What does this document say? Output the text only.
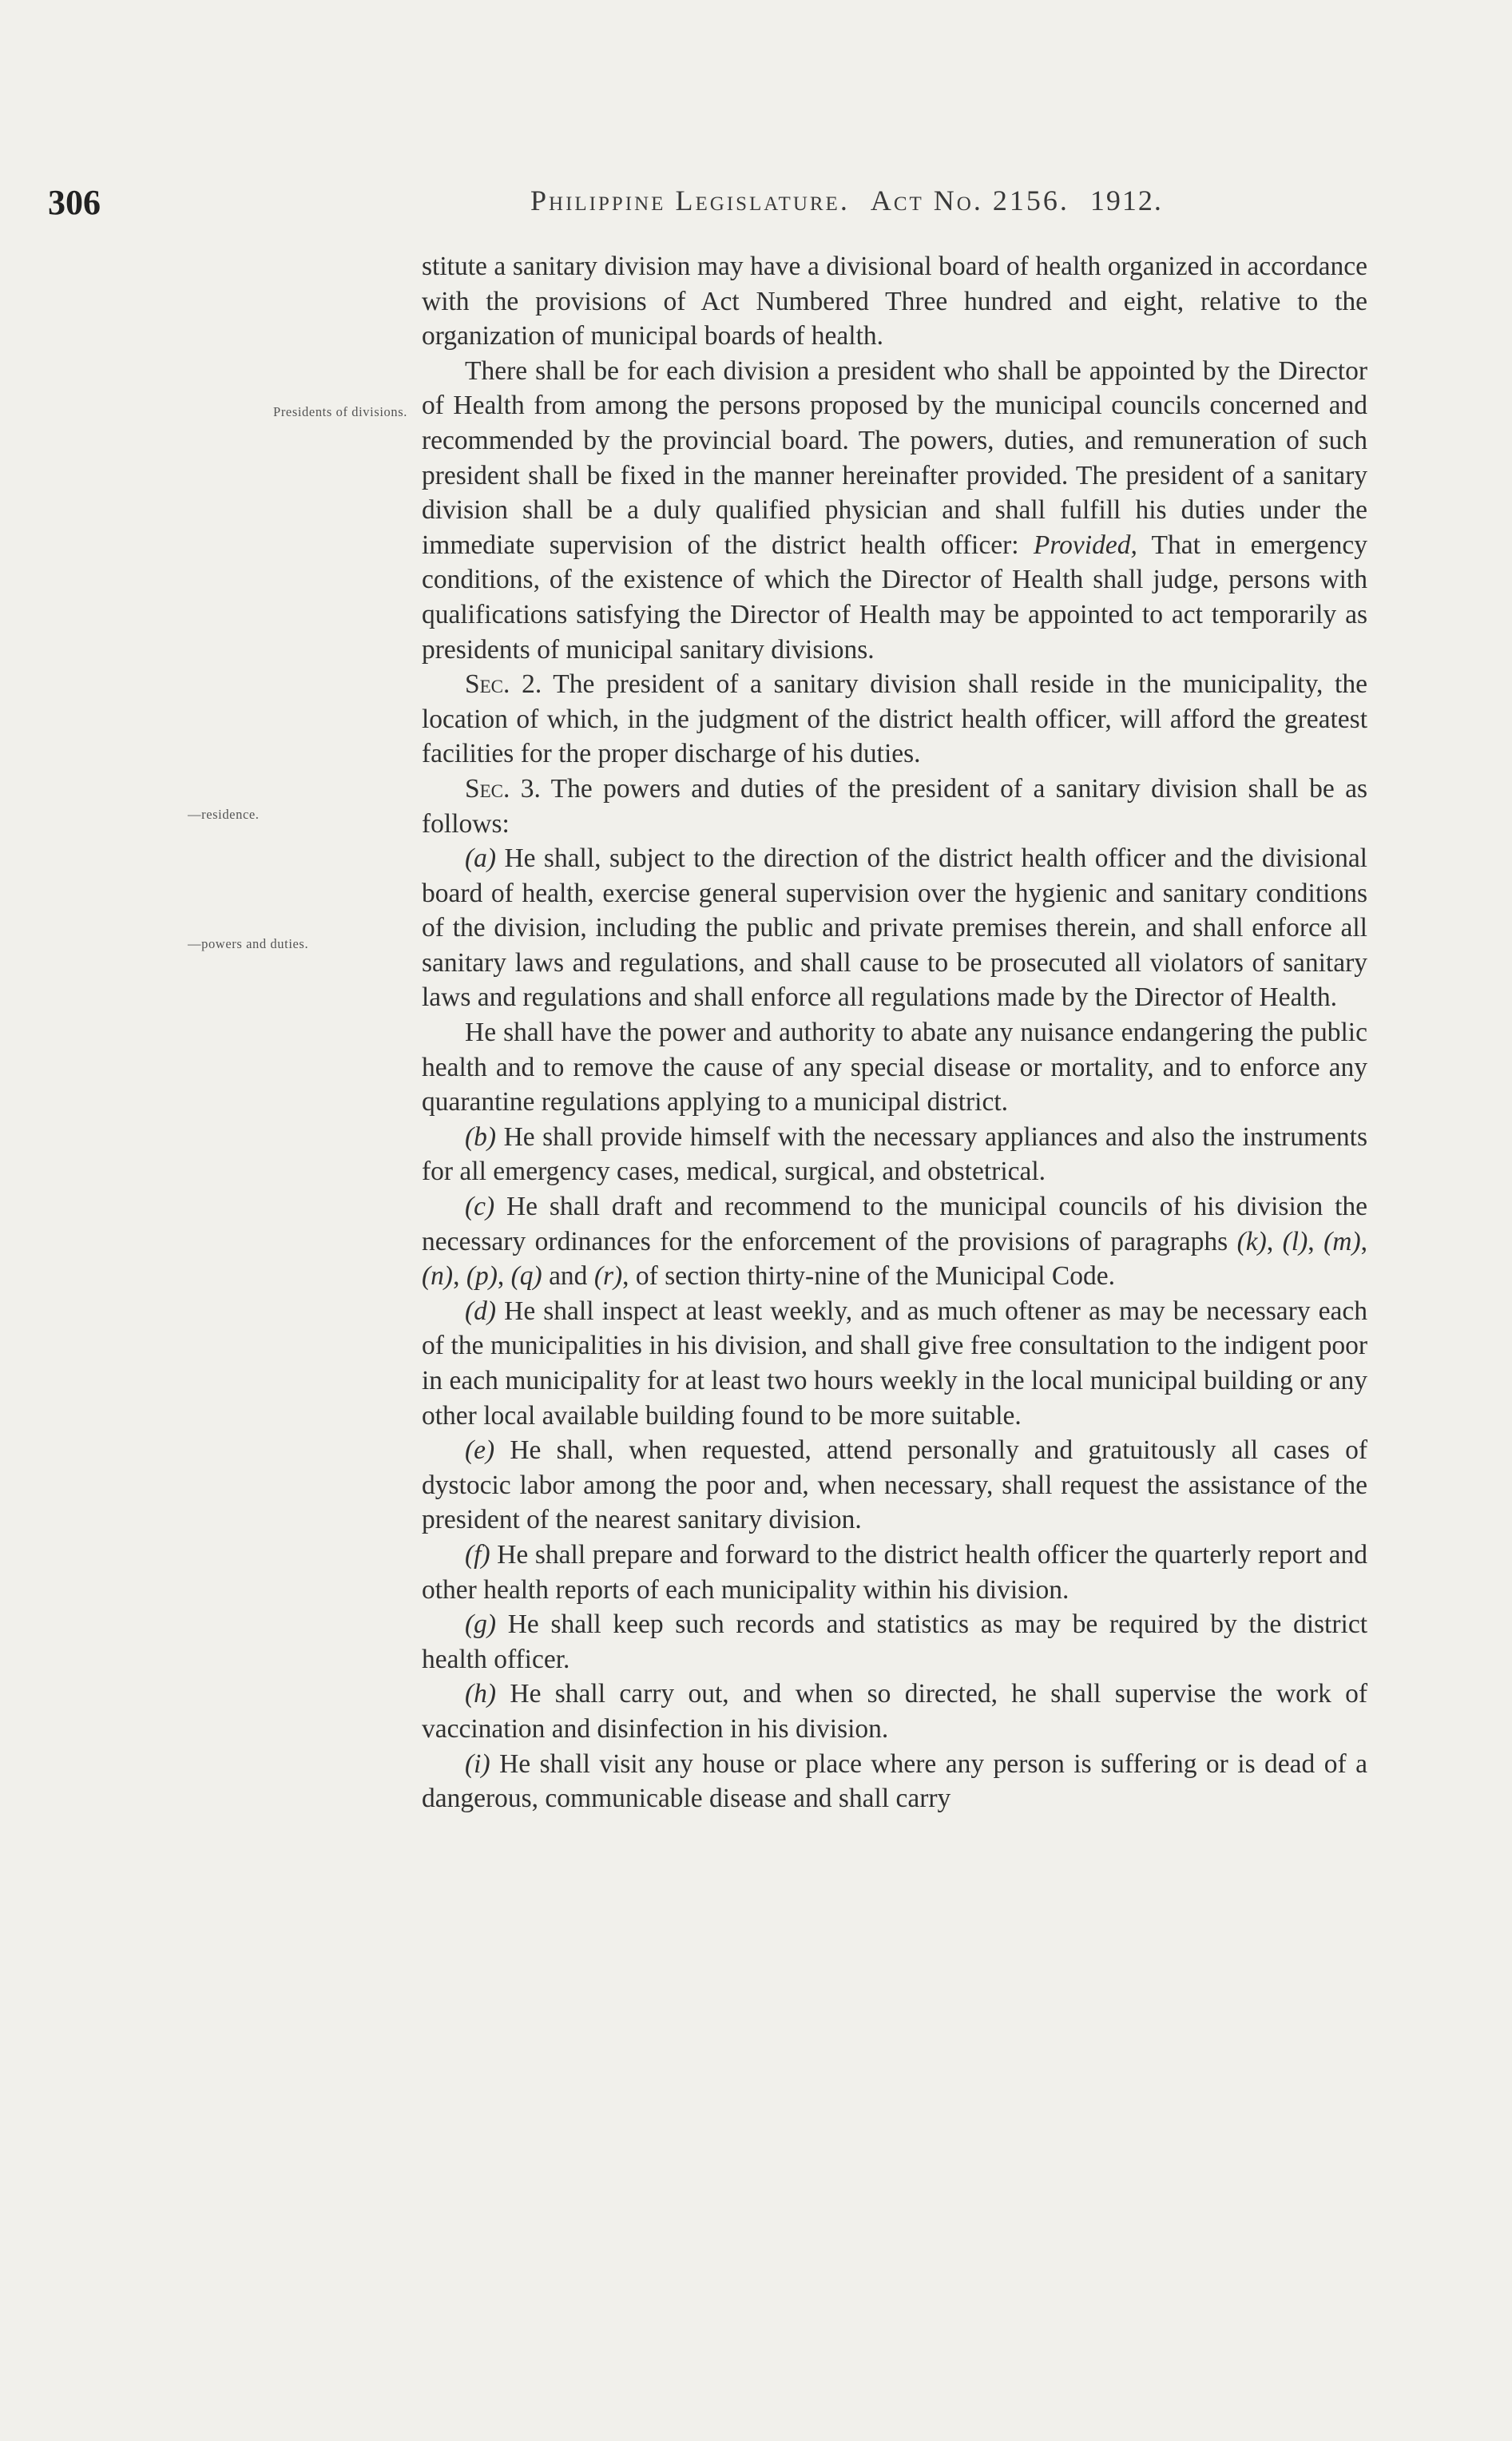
306	Philippine Legislature. Act No. 2156. 1912.
Presidents of divisions.
—residence.
—powers and duties.

stitute a sanitary division may have a divisional board of health organized in accordance with the provisions of Act Numbered Three hundred and eight, relative to the organization of municipal boards of health.

There shall be for each division a president who shall be appointed by the Director of Health from among the persons proposed by the municipal councils concerned and recommended by the provincial board. The powers, duties, and remuneration of such president shall be fixed in the manner hereinafter provided. The president of a sanitary division shall be a duly qualified physician and shall fulfill his duties under the immediate supervision of the district health officer: Provided, That in emergency conditions, of the existence of which the Director of Health shall judge, persons with qualifications satisfying the Director of Health may be appointed to act temporarily as presidents of municipal sanitary divisions.

Sec. 2. The president of a sanitary division shall reside in the municipality, the location of which, in the judgment of the district health officer, will afford the greatest facilities for the proper discharge of his duties.

Sec. 3. The powers and duties of the president of a sanitary division shall be as follows:

(a) He shall, subject to the direction of the district health officer and the divisional board of health, exercise general supervision over the hygienic and sanitary conditions of the division, including the public and private premises therein, and shall enforce all sanitary laws and regulations, and shall cause to be prosecuted all violators of sanitary laws and regulations and shall enforce all regulations made by the Director of Health.

He shall have the power and authority to abate any nuisance endangering the public health and to remove the cause of any special disease or mortality, and to enforce any quarantine regulations applying to a municipal district.

(b) He shall provide himself with the necessary appliances and also the instruments for all emergency cases, medical, surgical, and obstetrical.

(c) He shall draft and recommend to the municipal councils of his division the necessary ordinances for the enforcement of the provisions of paragraphs (k), (l), (m), (n), (p), (q) and (r), of section thirty-nine of the Municipal Code.

(d) He shall inspect at least weekly, and as much oftener as may be necessary each of the municipalities in his division, and shall give free consultation to the indigent poor in each municipality for at least two hours weekly in the local municipal building or any other local available building found to be more suitable.

(e) He shall, when requested, attend personally and gratuitously all cases of dystocic labor among the poor and, when necessary, shall request the assistance of the president of the nearest sanitary division.

(f) He shall prepare and forward to the district health officer the quarterly report and other health reports of each municipality within his division.

(g) He shall keep such records and statistics as may be required by the district health officer.

(h) He shall carry out, and when so directed, he shall supervise the work of vaccination and disinfection in his division.

(i) He shall visit any house or place where any person is suffering or is dead of a dangerous, communicable disease and shall carry
